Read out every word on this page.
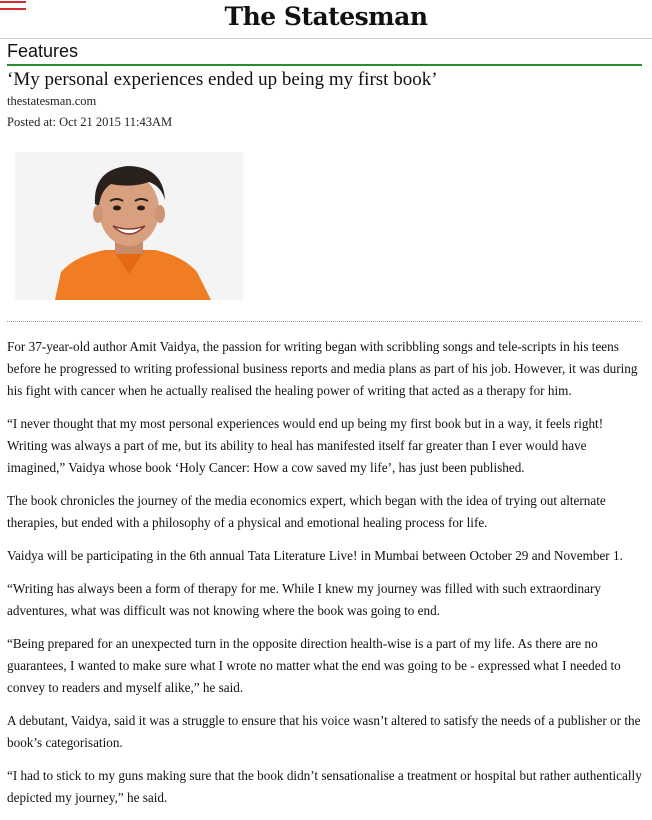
The Statesman
Features
‘My personal experiences ended up being my first book’
thestatesman.com
Posted at: Oct 21 2015 11:43AM

For 37-year-old author Amit Vaidya, the passion for writing began with scribbling songs and tele-scripts in his teens before he progressed to writing professional business reports and media plans as part of his job. However, it was during his fight with cancer when he actually realised the healing power of writing that acted as a therapy for him.

“I never thought that my most personal experiences would end up being my first book but in a way, it feels right! Writing was always a part of me, but its ability to heal has manifested itself far greater than I ever would have imagined,” Vaidya whose book ‘Holy Cancer: How a cow saved my life’, has just been published.

The book chronicles the journey of the media economics expert, which began with the idea of trying out alternate therapies, but ended with a philosophy of a physical and emotional healing process for life.

Vaidya will be participating in the 6th annual Tata Literature Live! in Mumbai between October 29 and November 1.

“Writing has always been a form of therapy for me. While I knew my journey was filled with such extraordinary adventures, what was difficult was not knowing where the book was going to end.

“Being prepared for an unexpected turn in the opposite direction health-wise is a part of my life. As there are no guarantees, I wanted to make sure what I wrote no matter what the end was going to be - expressed what I needed to convey to readers and myself alike,” he said.

A debutant, Vaidya, said it was a struggle to ensure that his voice wasn’t altered to satisfy the needs of a publisher or the book’s categorisation.

“I had to stick to my guns making sure that the book didn’t sensationalise a treatment or hospital but rather authentically depicted my journey,” he said.
